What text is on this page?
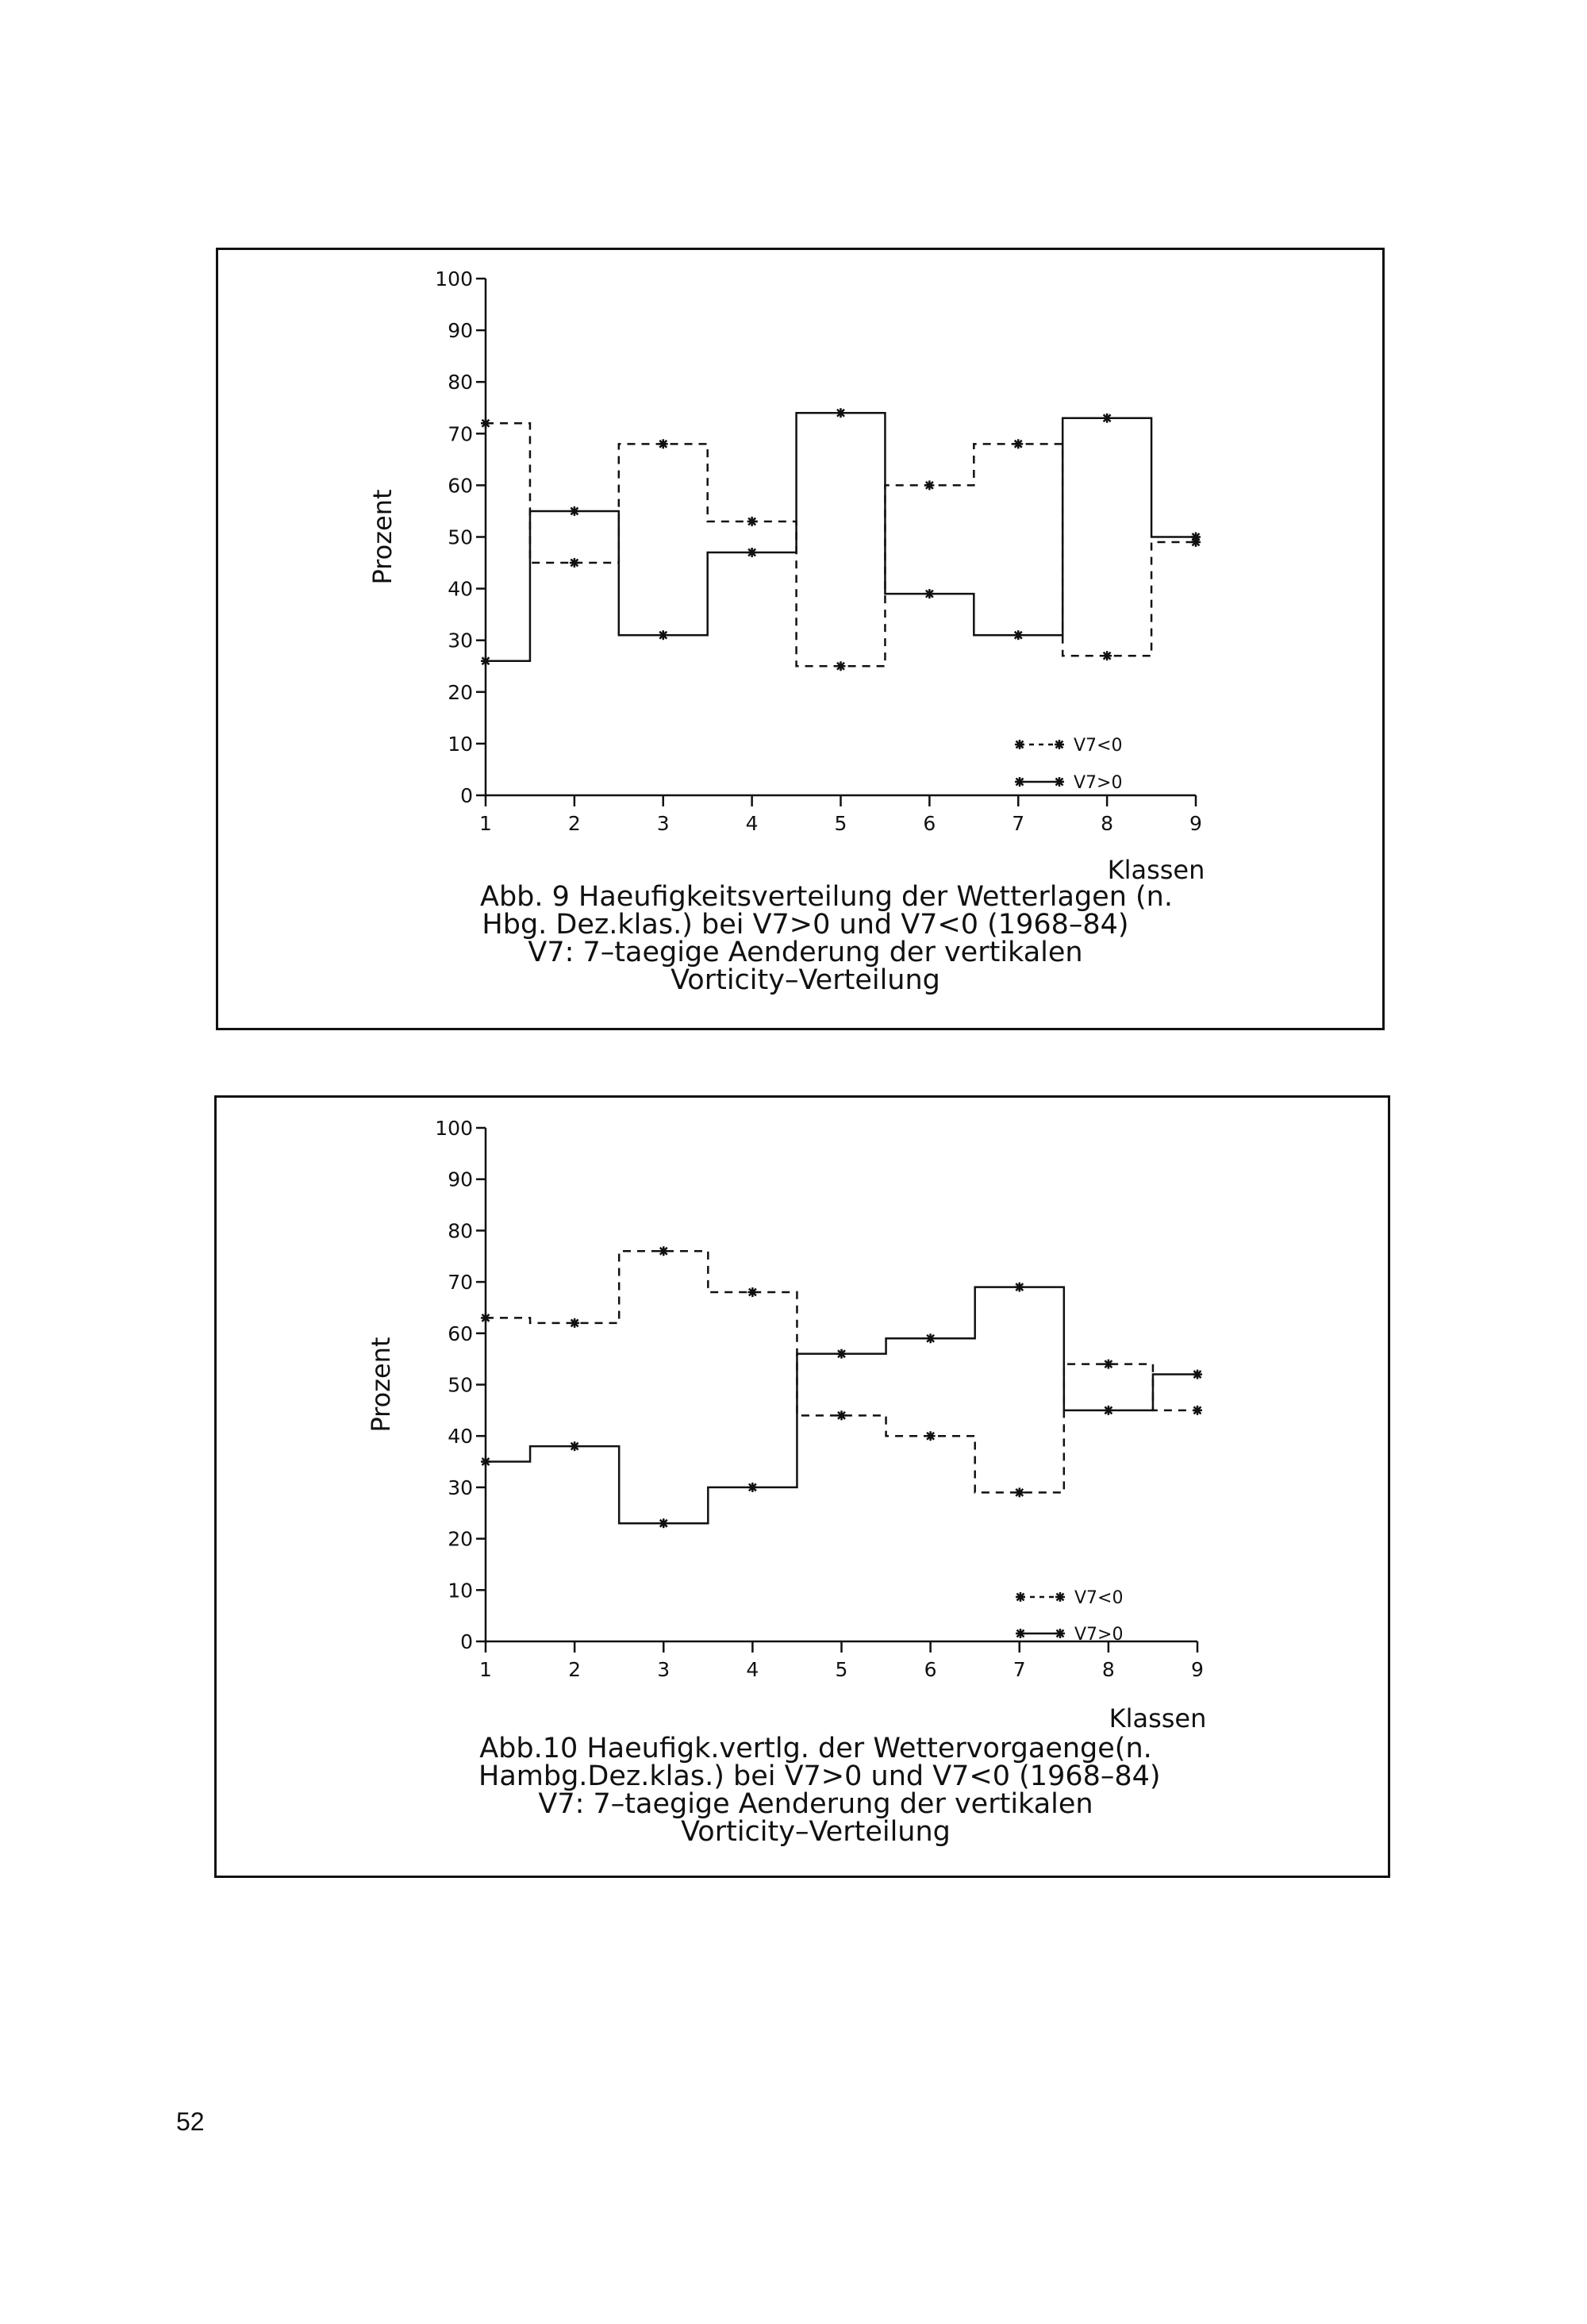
0
10
20
30
40
50
60
70
80
90
100
1	2	3	4	5	6	7	8	9
Prozent
Klassen
V7<0
V7>0
Abb. 9 Haeufigkeitsverteilung der Wetterlagen (n.
Hbg. Dez.klas.) bei V7>0 und V7<0 (1968–84)
V7: 7–taegige Aenderung der vertikalen
Vorticity–Verteilung
0
10
20
30
40
50
60
70
80
90
100
1	2	3	4	5	6	7	8	9
Prozent
Klassen
V7<0
V7>0
Abb.10 Haeufigk.vertlg. der Wettervorgaenge(n.
Hambg.Dez.klas.) bei V7>0 und V7<0 (1968–84)
V7: 7–taegige Aenderung der vertikalen
Vorticity–Verteilung
52
